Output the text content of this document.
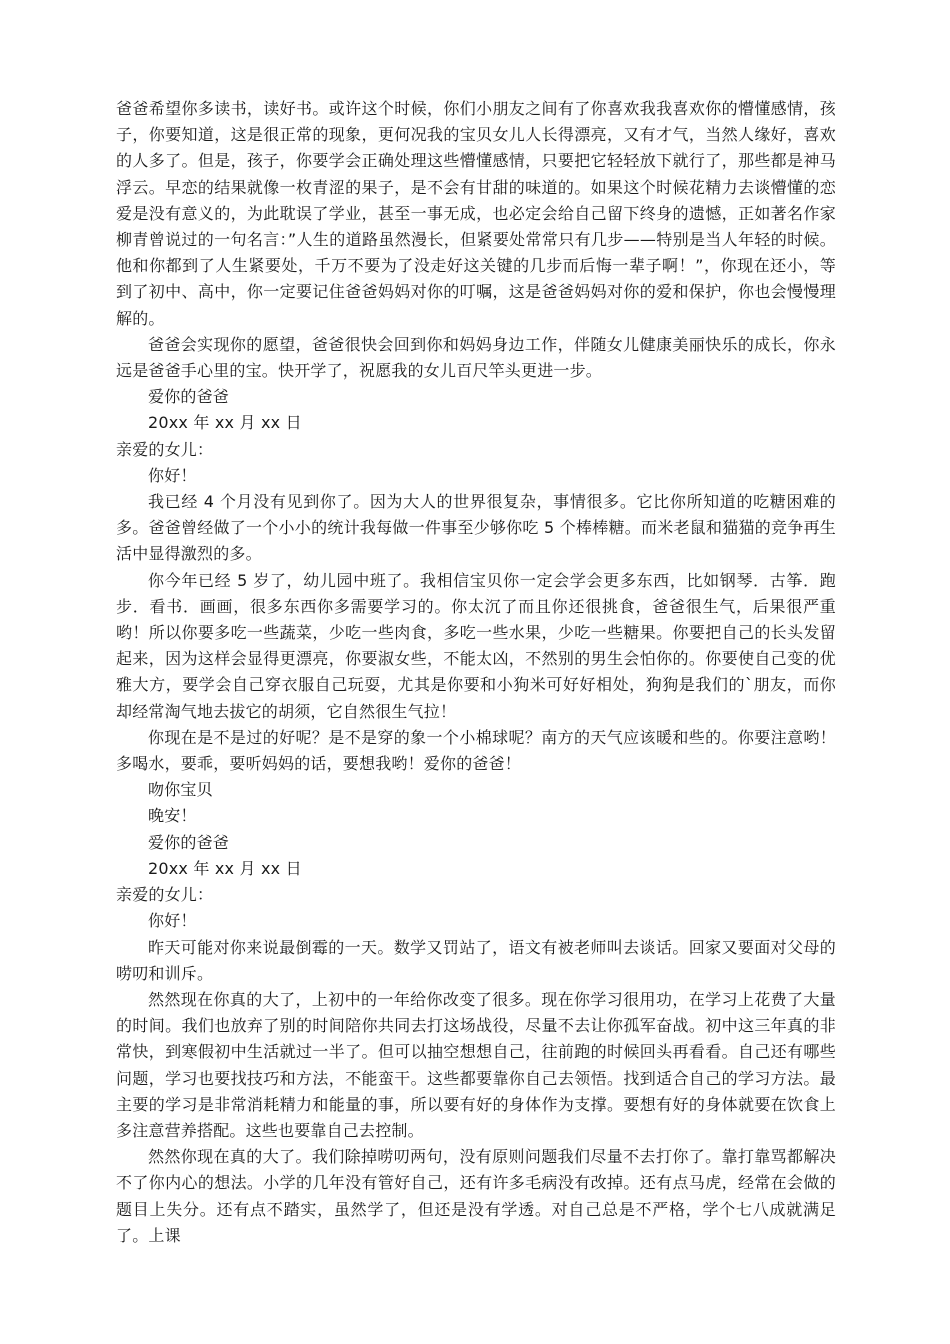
爸爸希望你多读书，读好书。或许这个时候，你们小朋友之间有了你喜欢我我喜欢你的懵懂感情，孩子，你要知道，这是很正常的现象，更何况我的宝贝女儿人长得漂亮，又有才气，当然人缘好，喜欢的人多了。但是，孩子，你要学会正确处理这些懵懂感情，只要把它轻轻放下就行了，那些都是神马浮云。早恋的结果就像一枚青涩的果子，是不会有甘甜的味道的。如果这个时候花精力去谈懵懂的恋爱是没有意义的，为此耽误了学业，甚至一事无成，也必定会给自己留下终身的遗憾，正如著名作家柳青曾说过的一句名言：”人生的道路虽然漫长，但紧要处常常只有几步——特别是当人年轻的时候。他和你都到了人生紧要处，千万不要为了没走好这关键的几步而后悔一辈子啊！”，你现在还小，等到了初中、高中，你一定要记住爸爸妈妈对你的叮嘱，这是爸爸妈妈对你的爱和保护，你也会慢慢理解的。

爸爸会实现你的愿望，爸爸很快会回到你和妈妈身边工作，伴随女儿健康美丽快乐的成长，你永远是爸爸手心里的宝。快开学了，祝愿我的女儿百尺竿头更进一步。

爱你的爸爸

20xx 年 xx 月 xx 日

亲爱的女儿：

你好！

我已经 4 个月没有见到你了。因为大人的世界很复杂，事情很多。它比你所知道的吃糖困难的多。爸爸曾经做了一个小小的统计我每做一件事至少够你吃 5 个棒棒糖。而米老鼠和猫猫的竞争再生活中显得激烈的多。

你今年已经 5 岁了，幼儿园中班了。我相信宝贝你一定会学会更多东西，比如钢琴．古筝．跑步．看书．画画，很多东西你多需要学习的。你太沉了而且你还很挑食，爸爸很生气，后果很严重哟！所以你要多吃一些蔬菜，少吃一些肉食，多吃一些水果，少吃一些糖果。你要把自己的长头发留起来，因为这样会显得更漂亮，你要淑女些，不能太凶，不然别的男生会怕你的。你要使自己变的优雅大方，要学会自己穿衣服自己玩耍，尤其是你要和小狗米可好好相处，狗狗是我们的`朋友，而你却经常淘气地去拔它的胡须，它自然很生气拉！

你现在是不是过的好呢？是不是穿的象一个小棉球呢？南方的天气应该暖和些的。你要注意哟！多喝水，要乖，要听妈妈的话，要想我哟！爱你的爸爸！

吻你宝贝

晚安！

爱你的爸爸

20xx 年 xx 月 xx 日

亲爱的女儿：

你好！

昨天可能对你来说最倒霉的一天。数学又罚站了，语文有被老师叫去谈话。回家又要面对父母的唠叨和训斥。

然然现在你真的大了，上初中的一年给你改变了很多。现在你学习很用功，在学习上花费了大量的时间。我们也放弃了别的时间陪你共同去打这场战役，尽量不去让你孤军奋战。初中这三年真的非常快，到寒假初中生活就过一半了。但可以抽空想想自己，往前跑的时候回头再看看。自己还有哪些问题，学习也要找技巧和方法，不能蛮干。这些都要靠你自己去领悟。找到适合自己的学习方法。最主要的学习是非常消耗精力和能量的事，所以要有好的身体作为支撑。要想有好的身体就要在饮食上多注意营养搭配。这些也要靠自己去控制。

然然你现在真的大了。我们除掉唠叨两句，没有原则问题我们尽量不去打你了。靠打靠骂都解决不了你内心的想法。小学的几年没有管好自己，还有许多毛病没有改掉。还有点马虎，经常在会做的题目上失分。还有点不踏实，虽然学了，但还是没有学透。对自己总是不严格，学个七八成就满足了。上课
